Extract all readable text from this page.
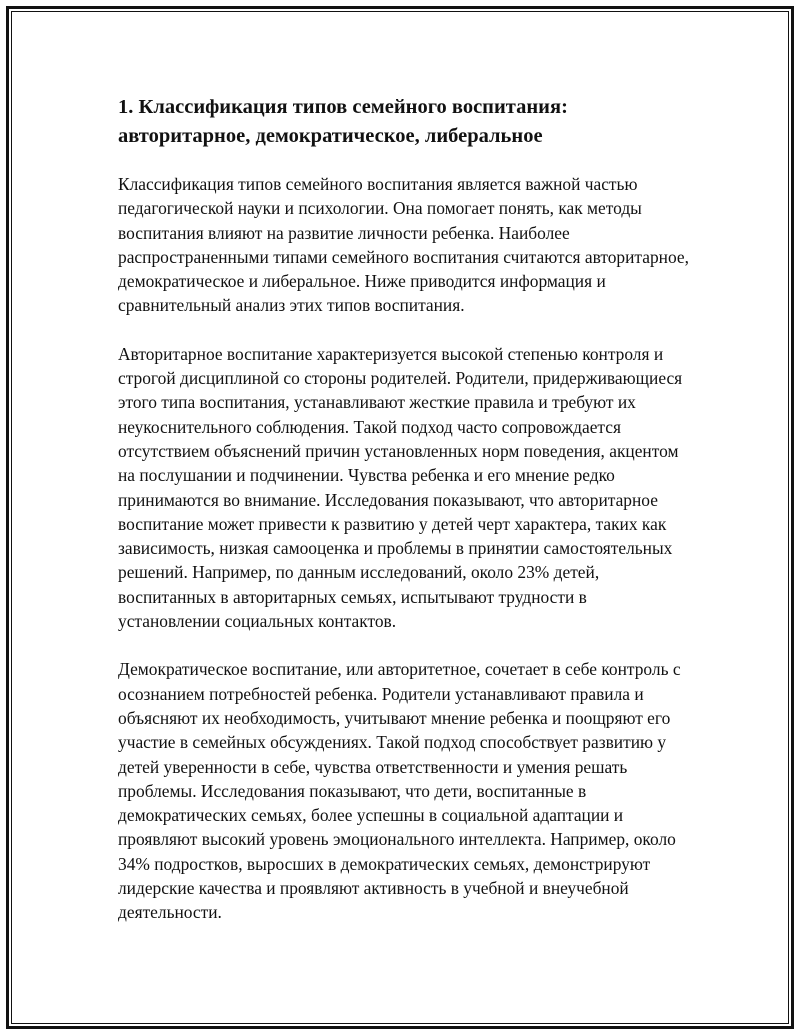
1. Классификация типов семейного воспитания: авторитарное, демократическое, либеральное

Классификация типов семейного воспитания является важной частью педагогической науки и психологии. Она помогает понять, как методы воспитания влияют на развитие личности ребенка. Наиболее распространенными типами семейного воспитания считаются авторитарное, демократическое и либеральное. Ниже приводится информация и сравнительный анализ этих типов воспитания.

Авторитарное воспитание характеризуется высокой степенью контроля и строгой дисциплиной со стороны родителей. Родители, придерживающиеся этого типа воспитания, устанавливают жесткие правила и требуют их неукоснительного соблюдения. Такой подход часто сопровождается отсутствием объяснений причин установленных норм поведения, акцентом на послушании и подчинении. Чувства ребенка и его мнение редко принимаются во внимание. Исследования показывают, что авторитарное воспитание может привести к развитию у детей черт характера, таких как зависимость, низкая самооценка и проблемы в принятии самостоятельных решений. Например, по данным исследований, около 23% детей, воспитанных в авторитарных семьях, испытывают трудности в установлении социальных контактов.

Демократическое воспитание, или авторитетное, сочетает в себе контроль с осознанием потребностей ребенка. Родители устанавливают правила и объясняют их необходимость, учитывают мнение ребенка и поощряют его участие в семейных обсуждениях. Такой подход способствует развитию у детей уверенности в себе, чувства ответственности и умения решать проблемы. Исследования показывают, что дети, воспитанные в демократических семьях, более успешны в социальной адаптации и проявляют высокий уровень эмоционального интеллекта. Например, около 34% подростков, выросших в демократических семьях, демонстрируют лидерские качества и проявляют активность в учебной и внеучебной деятельности.
